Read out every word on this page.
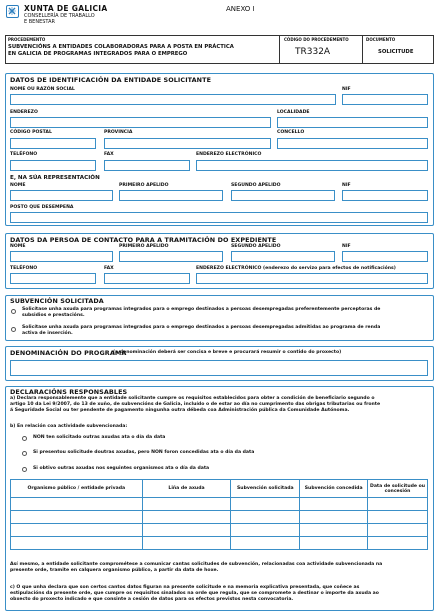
XUNTA DE GALICIA
CONSELLERÍA DE TRABALLO
E BENESTAR
ANEXO I
PROCEDEMENTO
SUBVENCIÓNS A ENTIDADES COLABORADORAS PARA A POSTA EN PRÁCTICA
EN GALICIA DE PROGRAMAS INTEGRADOS PARA O EMPREGO
CÓDIGO DO PROCEDEMENTO
TR332A
DOCUMENTO
SOLICITUDE
DATOS DE IDENTIFICACIÓN DA ENTIDADE SOLICITANTE
NOME OU RAZÓN SOCIAL	NIF
ENDEREZO	LOCALIDADE
CÓDIGO POSTAL	PROVINCIA	CONCELLO
TELÉFONO	FAX	ENDEREZO ELECTRÓNICO
E, NA SÚA REPRESENTACIÓN
NOME	PRIMEIRO APELIDO	SEGUNDO APELIDO	NIF
POSTO QUE DESEMPEÑA
DATOS DA PERSOA DE CONTACTO PARA A TRAMITACIÓN DO EXPEDIENTE
NOME	PRIMEIRO APELIDO	SEGUNDO APELIDO	NIF
TELÉFONO	FAX	ENDEREZO ELECTRÓNICO (enderezo do servizo para efectos de notificacións)
SUBVENCIÓN SOLICITADA
Solicítase unha axuda para programas integrados para o emprego destinados a persoas desempregadas preferentemente perceptoras de
subsidios e prestacións.
Solicítase unha axuda para programas integrados para o emprego destinados a persoas desempregadas admitidas ao programa de renda
activa de inserción.
DENOMINACIÓN DO PROGRAMA
(a denominación deberá ser concisa e breve e procurará resumir o contido do proxecto)
DECLARACIÓNS RESPONSABLES
a) Declara responsablemente que a entidade solicitante cumpre os requisitos establecidos para obter a condición de beneficiario segundo o
artigo 10 da Lei 9/2007, do 13 de xuño, de subvencións de Galicia, incluído o de estar ao día no cumprimento das obrigas tributarias ou fronte
á Seguridade Social ou ter pendente de pagamento ningunha outra débeda coa Administración pública da Comunidade Autónoma.
b) En relación coa actividade subvencionada:
NON ten solicitado outras axudas ata o día da data
Si presentou solicitude doutras axudas, pero NON foron concedidas ata o día da data
Si obtivo outras axudas nos seguintes organismos ata o día da data
Organismo público / entidade privada	Liña de axuda	Subvención solicitada	Subvención concedida	Data de solicitude ou concesión

Así mesmo, a entidade solicitante comprométese a comunicar cantas solicitudes de subvención, relacionadas coa actividade subvencionada na
presente orde, tramite en calquera organismo público, a partir da data de hoxe.
c) O que unha declara que son certos cantos datos figuran na presente solicitude e na memoria explicativa presentada, que coñece as
estipulacións da presente orde, que cumpre os requisitos sinalados na orde que regula, que se compromete a destinar o importe da axuda ao
obxecto do proxecto indicado e que consinte a cesión de datos para os efectos previstos nesta convocatoria.
